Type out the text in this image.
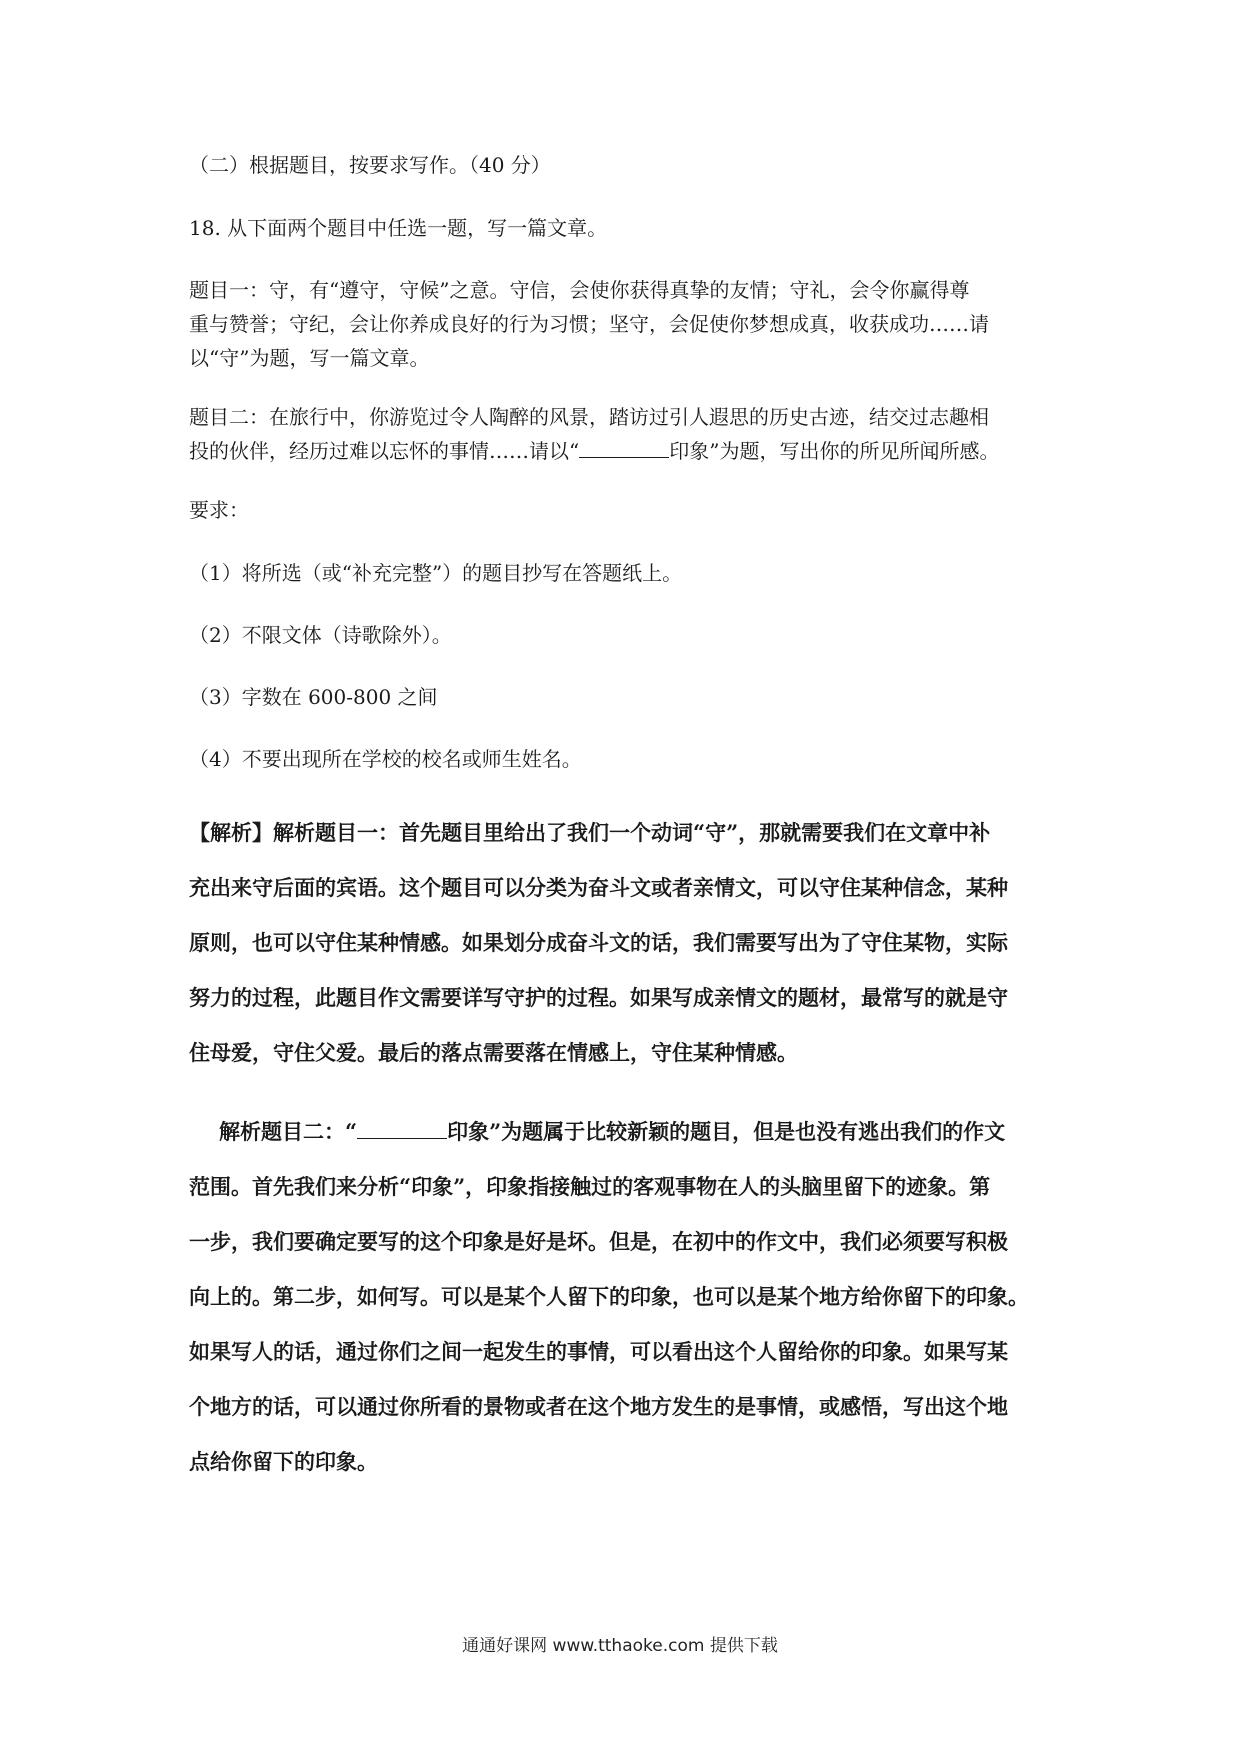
（二）根据题目，按要求写作。（40 分）

18. 从下面两个题目中任选一题，写一篇文章。

题目一：守，有“遵守，守候”之意。守信，会使你获得真挚的友情；守礼，会令你赢得尊
重与赞誉；守纪，会让你养成良好的行为习惯；坚守，会促使你梦想成真，收获成功……请
以“守”为题，写一篇文章。
题目二：在旅行中，你游览过令人陶醉的风景，踏访过引人遐思的历史古迹，结交过志趣相
投的伙伴，经历过难以忘怀的事情……请以“	印象”为题，写出你的所见所闻所感。

要求：

（1）将所选（或“补充完整”）的题目抄写在答题纸上。

（2）不限文体（诗歌除外）。

（3）字数在 600-800 之间

（4）不要出现所在学校的校名或师生姓名。

【解析】解析题目一：首先题目里给出了我们一个动词“守”，那就需要我们在文章中补
充出来守后面的宾语。这个题目可以分类为奋斗文或者亲情文，可以守住某种信念，某种
原则，也可以守住某种情感。如果划分成奋斗文的话，我们需要写出为了守住某物，实际
努力的过程，此题目作文需要详写守护的过程。如果写成亲情文的题材，最常写的就是守
住母爱，守住父爱。最后的落点需要落在情感上，守住某种情感。
解析题目二：“	印象”为题属于比较新颖的题目，但是也没有逃出我们的作文
范围。首先我们来分析“印象”，印象指接触过的客观事物在人的头脑里留下的迹象。第
一步，我们要确定要写的这个印象是好是坏。但是，在初中的作文中，我们必须要写积极
向上的。第二步，如何写。可以是某个人留下的印象，也可以是某个地方给你留下的印象。
如果写人的话，通过你们之间一起发生的事情，可以看出这个人留给你的印象。如果写某
个地方的话，可以通过你所看的景物或者在这个地方发生的是事情，或感悟，写出这个地
点给你留下的印象。
通通好课网 www.tthaoke.com 提供下载
